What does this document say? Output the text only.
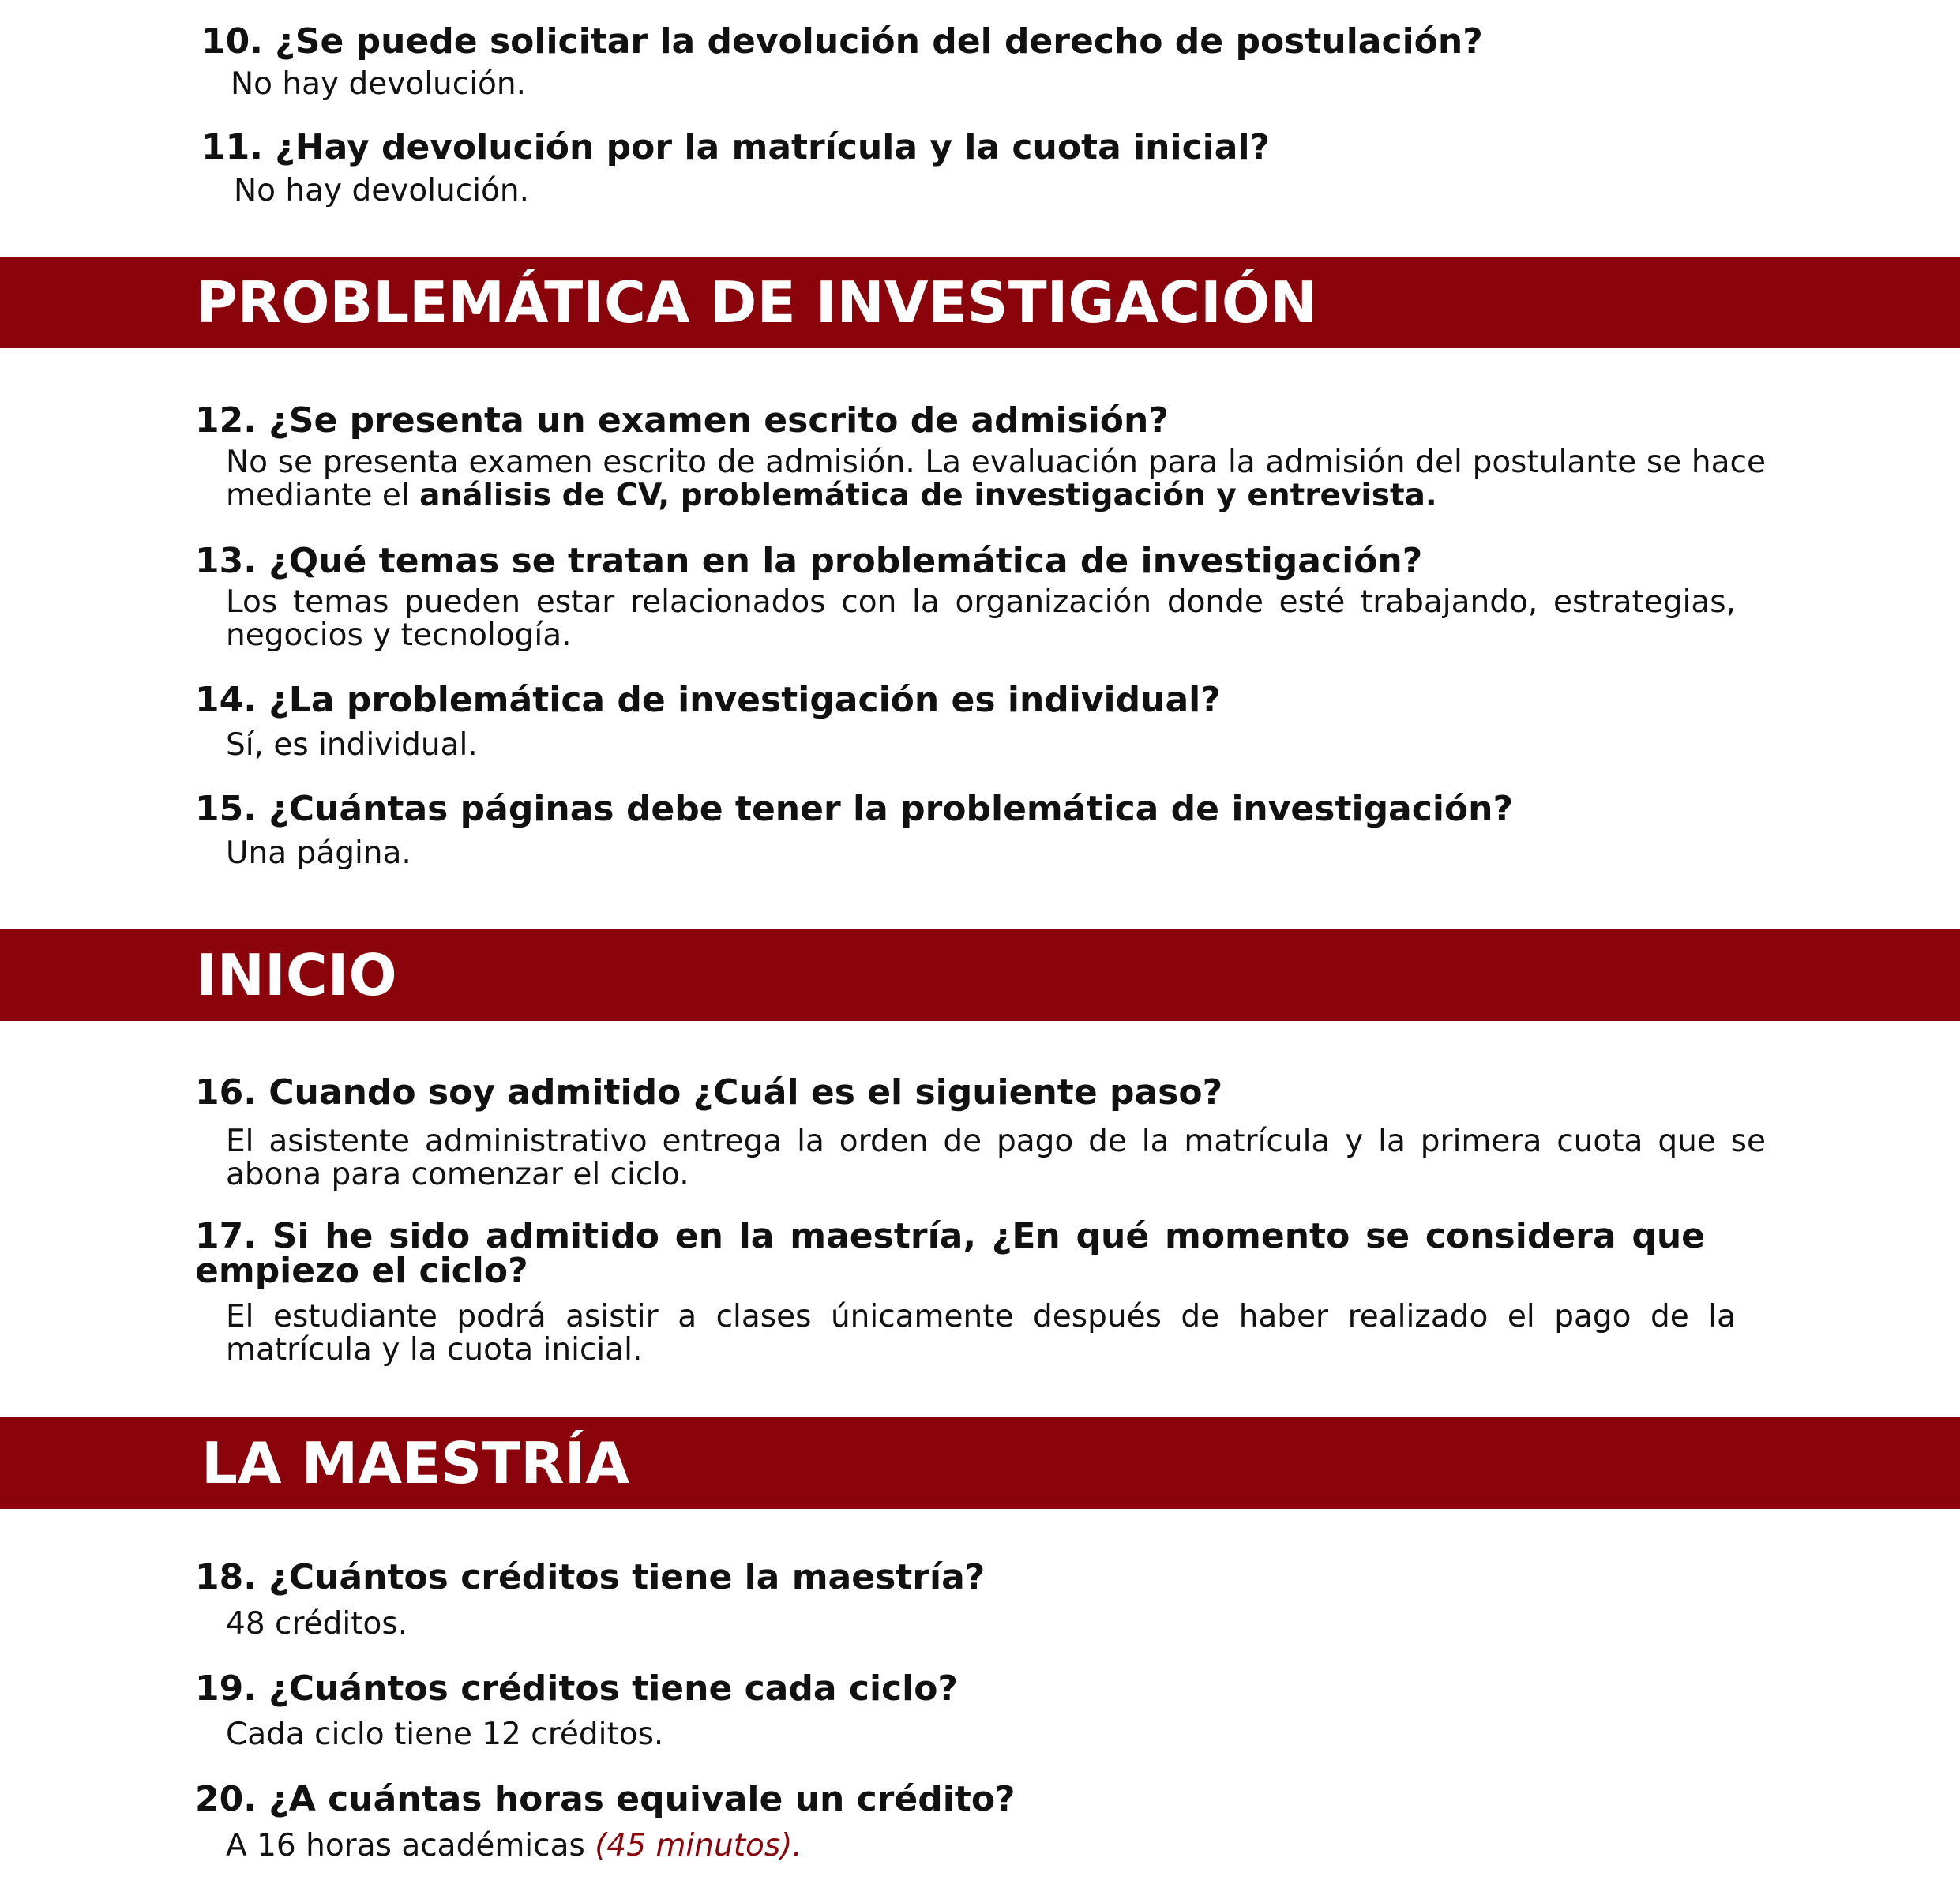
10. ¿Se puede solicitar la devolución del derecho de postulación?

No hay devolución.

11. ¿Hay devolución por la matrícula y la cuota inicial?

No hay devolución.

PROBLEMÁTICA DE INVESTIGACIÓN
12. ¿Se presenta un examen escrito de admisión?

No se presenta examen escrito de admisión. La evaluación para la admisión del postulante se hace mediante el análisis de CV, problemática de investigación y entrevista.

13. ¿Qué temas se tratan en la problemática de investigación?

Los temas pueden estar relacionados con la organización donde esté trabajando, estrategias, negocios y tecnología.

14. ¿La problemática de investigación es individual?

Sí, es individual.

15. ¿Cuántas páginas debe tener la problemática de investigación?

Una página.

INICIO
16. Cuando soy admitido ¿Cuál es el siguiente paso?

El asistente administrativo entrega la orden de pago de la matrícula y la primera cuota que se abona para comenzar el ciclo.

17. Si he sido admitido en la maestría, ¿En qué momento se considera que empiezo el ciclo?

El estudiante podrá asistir a clases únicamente después de haber realizado el pago de la matrícula y la cuota inicial.

LA MAESTRÍA
18. ¿Cuántos créditos tiene la maestría?

48 créditos.

19. ¿Cuántos créditos tiene cada ciclo?

Cada ciclo tiene 12 créditos.

20. ¿A cuántas horas equivale un crédito?

A 16 horas académicas (45 minutos).
